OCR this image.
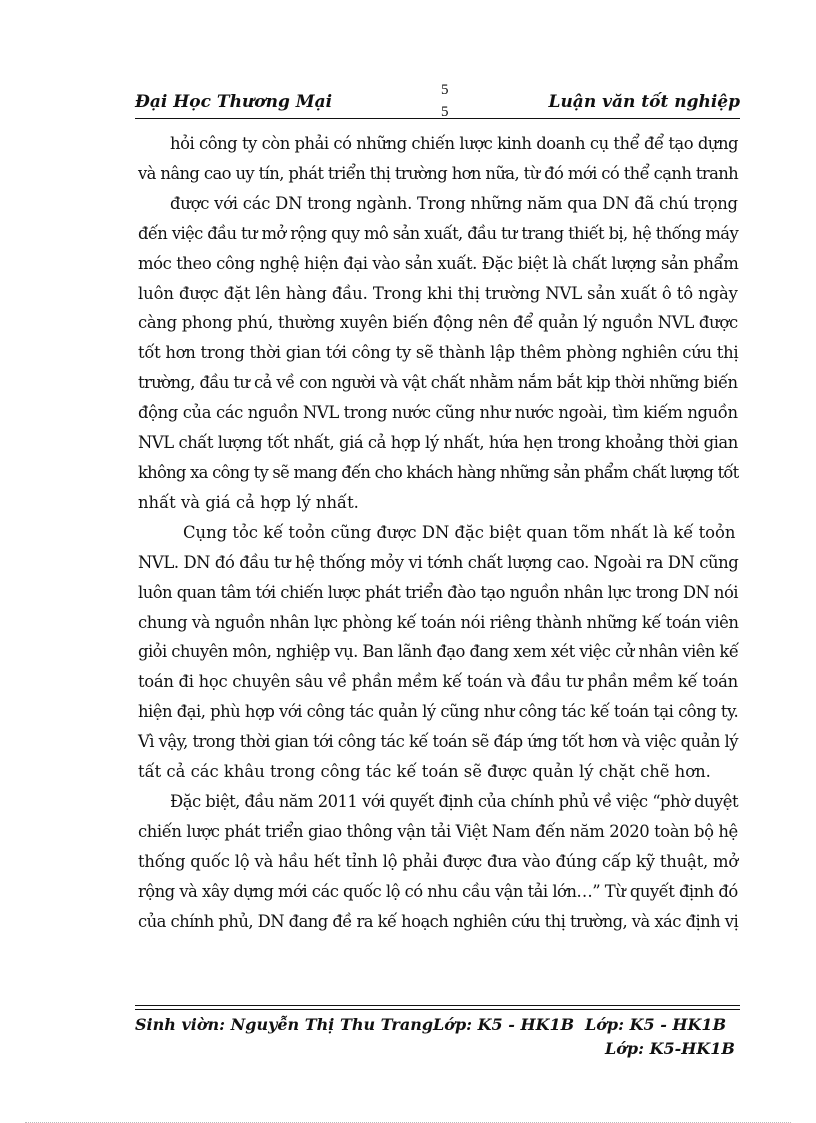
Đại Học Thương Mại
5
5	Luận văn tốt nghiệp
hỏi công ty còn phải có những chiến lược kinh doanh cụ thể để tạo dựng
và nâng cao uy tín, phát triển thị trường hơn nữa, từ đó mới có thể cạnh tranh
được với các DN trong ngành. Trong những năm qua DN đã chú trọng
đến việc đầu tư mở rộng quy mô sản xuất, đầu tư trang thiết bị, hệ thống máy
móc theo công nghệ hiện đại vào sản xuất. Đặc biệt là chất lượng sản phẩm
luôn được đặt lên hàng đầu. Trong khi thị trường NVL sản xuất ô tô ngày
càng phong phú, thường xuyên biến động nên để quản lý nguồn NVL được
tốt hơn trong thời gian tới công ty sẽ thành lập thêm phòng nghiên cứu thị
trường, đầu tư cả về con người và vật chất nhằm nắm bắt kịp thời những biến
động của các nguồn NVL trong nước cũng như nước ngoài, tìm kiếm nguồn
NVL chất lượng tốt nhất, giá cả hợp lý nhất, hứa hẹn trong khoảng thời gian
không xa công ty sẽ mang đến cho khách hàng những sản phẩm chất lượng tốt
nhất và giá cả hợp lý nhất.
Cụng tỏc kế toỏn cũng được DN đặc biệt quan tõm nhất là kế toỏn
NVL. DN đó đầu tư hệ thống mỏy vi tớnh chất lượng cao. Ngoài ra DN cũng
luôn quan tâm tới chiến lược phát triển đào tạo nguồn nhân lực trong DN nói
chung và nguồn nhân lực phòng kế toán nói riêng thành những kế toán viên
giỏi chuyên môn, nghiệp vụ. Ban lãnh đạo đang xem xét việc cử nhân viên kế
toán đi học chuyên sâu về phần mềm kế toán và đầu tư phần mềm kế toán
hiện đại, phù hợp với công tác quản lý cũng như công tác kế toán tại công ty.
Vì vậy, trong thời gian tới công tác kế toán sẽ đáp ứng tốt hơn và việc quản lý
tất cả các khâu trong công tác kế toán sẽ được quản lý chặt chẽ hơn.
Đặc biệt, đầu năm 2011 với quyết định của chính phủ về việc “phờ duyệt
chiến lược phát triển giao thông vận tải Việt Nam đến năm 2020 toàn bộ hệ
thống quốc lộ và hầu hết tỉnh lộ phải được đưa vào đúng cấp kỹ thuật, mở
rộng và xây dựng mới các quốc lộ có nhu cầu vận tải lớn…” Từ quyết định đó
của chính phủ, DN đang đề ra kế hoạch nghiên cứu thị trường, và xác định vị
Sinh viờn: Nguyễn Thị Thu TrangLớp: K5 - HK1B Lớp: K5 - HK1B
Lớp: K5-HK1B
